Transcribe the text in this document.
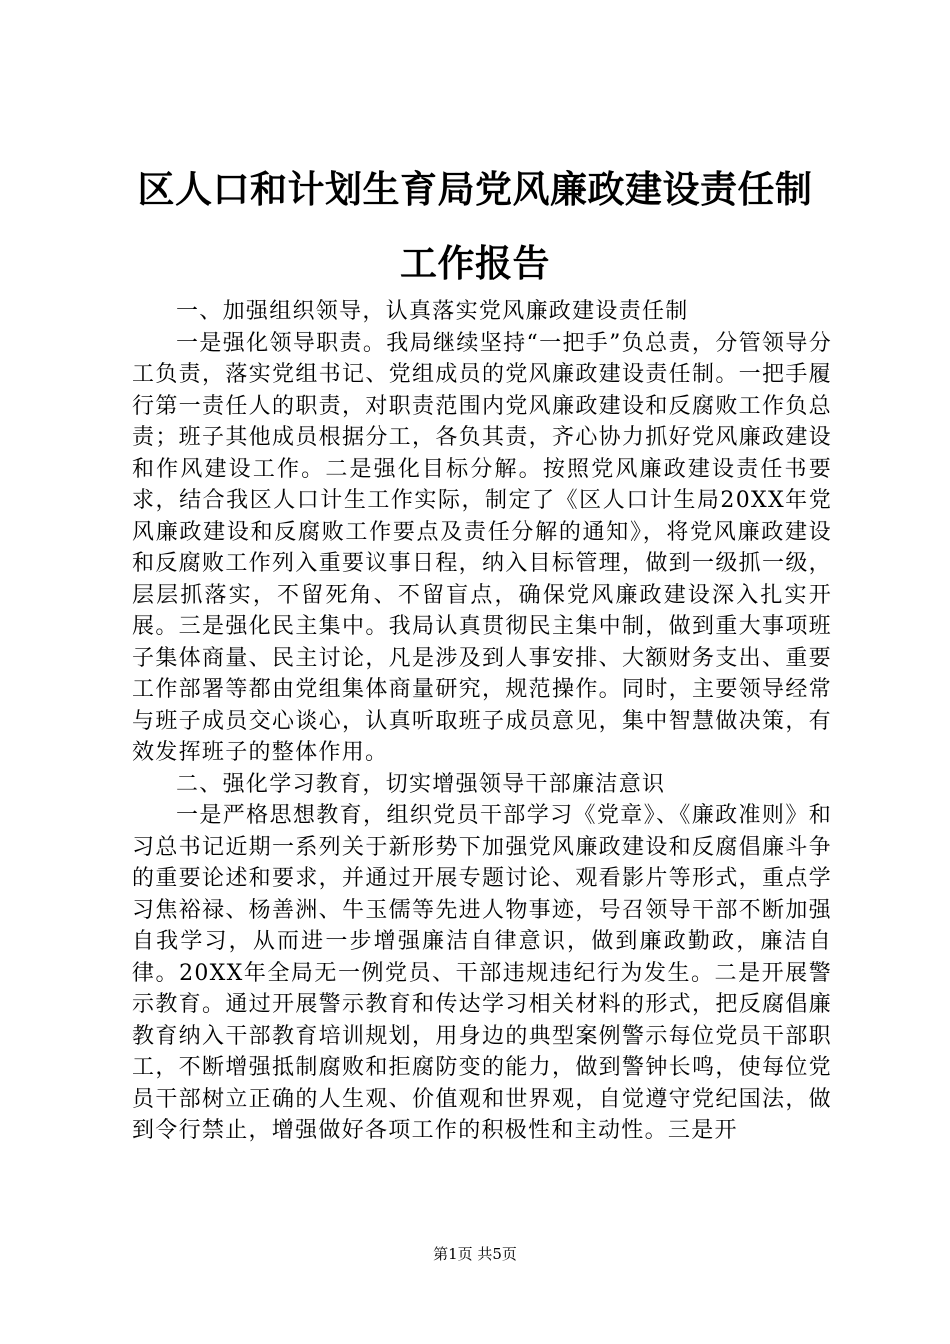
区人口和计划生育局党风廉政建设责任制工作报告

一、加强组织领导，认真落实党风廉政建设责任制

一是强化领导职责。我局继续坚持“一把手”负总责，分管领导分工负责，落实党组书记、党组成员的党风廉政建设责任制。一把手履行第一责任人的职责，对职责范围内党风廉政建设和反腐败工作负总责；班子其他成员根据分工，各负其责，齐心协力抓好党风廉政建设和作风建设工作。二是强化目标分解。按照党风廉政建设责任书要求，结合我区人口计生工作实际，制定了《区人口计生局20XX年党风廉政建设和反腐败工作要点及责任分解的通知》，将党风廉政建设和反腐败工作列入重要议事日程，纳入目标管理，做到一级抓一级，层层抓落实，不留死角、不留盲点，确保党风廉政建设深入扎实开展。三是强化民主集中。我局认真贯彻民主集中制，做到重大事项班子集体商量、民主讨论，凡是涉及到人事安排、大额财务支出、重要工作部署等都由党组集体商量研究，规范操作。同时，主要领导经常与班子成员交心谈心，认真听取班子成员意见，集中智慧做决策，有效发挥班子的整体作用。

二、强化学习教育，切实增强领导干部廉洁意识

一是严格思想教育，组织党员干部学习《党章》、《廉政准则》和习总书记近期一系列关于新形势下加强党风廉政建设和反腐倡廉斗争的重要论述和要求，并通过开展专题讨论、观看影片等形式，重点学习焦裕禄、杨善洲、牛玉儒等先进人物事迹，号召领导干部不断加强自我学习，从而进一步增强廉洁自律意识，做到廉政勤政，廉洁自律。20XX年全局无一例党员、干部违规违纪行为发生。二是开展警示教育。通过开展警示教育和传达学习相关材料的形式，把反腐倡廉教育纳入干部教育培训规划，用身边的典型案例警示每位党员干部职工，不断增强抵制腐败和拒腐防变的能力，做到警钟长鸣，使每位党员干部树立正确的人生观、价值观和世界观，自觉遵守党纪国法，做到令行禁止，增强做好各项工作的积极性和主动性。三是开

第1页 共5页
